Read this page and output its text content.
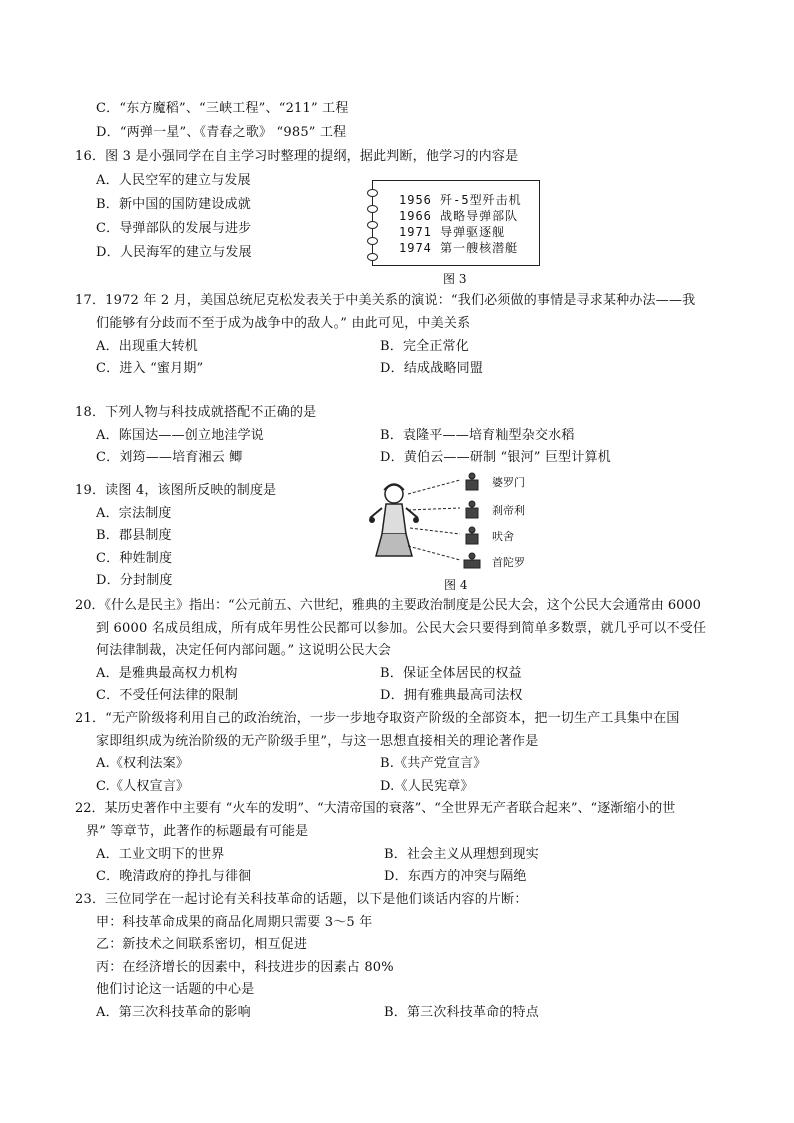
C．“东方魔稻”、“三峡工程”、“211” 工程
D．“两弹一星”、《青春之歌》 “985” 工程
16．图 3 是小强同学在自主学习时整理的提纲，据此判断，他学习的内容是
A．人民空军的建立与发展
B．新中国的国防建设成就
C．导弹部队的发展与进步
D．人民海军的建立与发展
1956 歼-5型歼击机
1966 战略导弹部队
1971 导弹驱逐舰
1974 第一艘核潜艇
图 3
17．1972 年 2 月，美国总统尼克松发表关于中美关系的演说：“我们必须做的事情是寻求某种办法——我
们能够有分歧而不至于成为战争中的敌人。” 由此可见，中美关系
A．出现重大转机	B．完全正常化
C．进入 “蜜月期”	D．结成战略同盟
18．下列人物与科技成就搭配不正确的是
A．陈国达——创立地洼学说	B．袁隆平——培育籼型杂交水稻
C．刘筠——培育湘云 鲫	D．黄伯云——研制 “银河” 巨型计算机
19．读图 4，该图所反映的制度是
A．宗法制度
B．郡县制度
C．种姓制度
D．分封制度
婆罗门
刹帝利
吠舍
首陀罗
图 4
20．《什么是民主》指出：“公元前五、六世纪，雅典的主要政治制度是公民大会，这个公民大会通常由 6000
到 6000 名成员组成，所有成年男性公民都可以参加。公民大会只要得到简单多数票，就几乎可以不受任
何法律制裁，决定任何内部问题。” 这说明公民大会
A．是雅典最高权力机构	B．保证全体居民的权益
C．不受任何法律的限制	D．拥有雅典最高司法权
21．“无产阶级将利用自己的政治统治，一步一步地夺取资产阶级的全部资本，把一切生产工具集中在国
家即组织成为统治阶级的无产阶级手里”，与这一思想直接相关的理论著作是
A.《权利法案》	B.《共产党宣言》
C.《人权宣言》	D.《人民宪章》
22．某历史著作中主要有 “火车的发明”、“大清帝国的衰落”、“全世界无产者联合起来”、“逐渐缩小的世
界” 等章节，此著作的标题最有可能是
A．工业文明下的世界	B．社会主义从理想到现实
C．晚清政府的挣扎与徘徊	D．东西方的冲突与隔绝
23．三位同学在一起讨论有关科技革命的话题，以下是他们谈话内容的片断：
甲：科技革命成果的商品化周期只需要 3～5 年
乙：新技术之间联系密切，相互促进
丙：在经济增长的因素中，科技进步的因素占 80%
他们讨论这一话题的中心是
A．第三次科技革命的影响	B．第三次科技革命的特点
